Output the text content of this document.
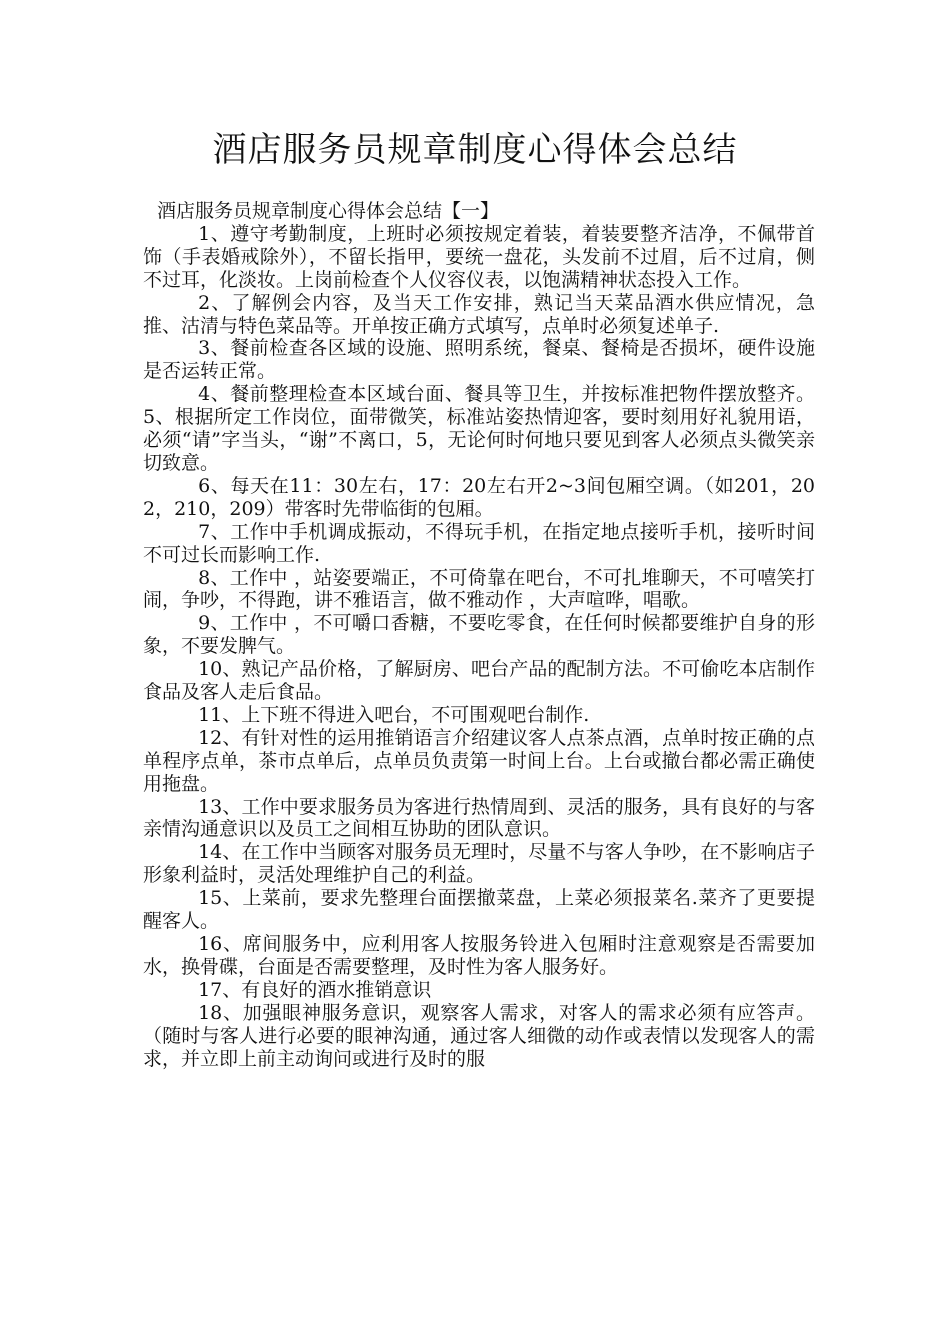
酒店服务员规章制度心得体会总结

酒店服务员规章制度心得体会总结【一】

1、遵守考勤制度，上班时必须按规定着装，着装要整齐洁净，不佩带首饰（手表婚戒除外），不留长指甲，要统一盘花，头发前不过眉，后不过肩，侧不过耳，化淡妆。上岗前检查个人仪容仪表，以饱满精神状态投入工作。

2、了解例会内容，及当天工作安排，熟记当天菜品酒水供应情况，急推、沽清与特色菜品等。开单按正确方式填写，点单时必须复述单子.

3、餐前检查各区域的设施、照明系统，餐桌、餐椅是否损坏，硬件设施是否运转正常。

4、餐前整理检查本区域台面、餐具等卫生，并按标准把物件摆放整齐。5、根据所定工作岗位，面带微笑，标准站姿热情迎客，要时刻用好礼貌用语，必须“请”字当头，“谢”不离口，5，无论何时何地只要见到客人必须点头微笑亲切致意。

6、每天在11：30左右，17：20左右开2~3间包厢空调。（如201，202，210，209）带客时先带临街的包厢。

7、工作中手机调成振动，不得玩手机，在指定地点接听手机，接听时间不可过长而影响工作.

8、工作中 ，站姿要端正，不可倚靠在吧台，不可扎堆聊天，不可嘻笑打闹，争吵，不得跑，讲不雅语言，做不雅动作 ，大声喧哗，唱歌。

9、工作中 ，不可嚼口香糖，不要吃零食，在任何时候都要维护自身的形象，不要发脾气。

10、熟记产品价格，了解厨房、吧台产品的配制方法。不可偷吃本店制作食品及客人走后食品。

11、上下班不得进入吧台，不可围观吧台制作.

12、有针对性的运用推销语言介绍建议客人点茶点酒，点单时按正确的点单程序点单，茶市点单后，点单员负责第一时间上台。上台或撤台都必需正确使用拖盘。

13、工作中要求服务员为客进行热情周到、灵活的服务，具有良好的与客亲情沟通意识以及员工之间相互协助的团队意识。

14、在工作中当顾客对服务员无理时，尽量不与客人争吵，在不影响店子形象利益时，灵活处理维护自己的利益。

15、上菜前，要求先整理台面摆撤菜盘，上菜必须报菜名.菜齐了更要提醒客人。

16、席间服务中，应利用客人按服务铃进入包厢时注意观察是否需要加水，换骨碟，台面是否需要整理，及时性为客人服务好。

17、有良好的酒水推销意识

18、加强眼神服务意识，观察客人需求，对客人的需求必须有应答声。（随时与客人进行必要的眼神沟通，通过客人细微的动作或表情以发现客人的需求，并立即上前主动询问或进行及时的服
